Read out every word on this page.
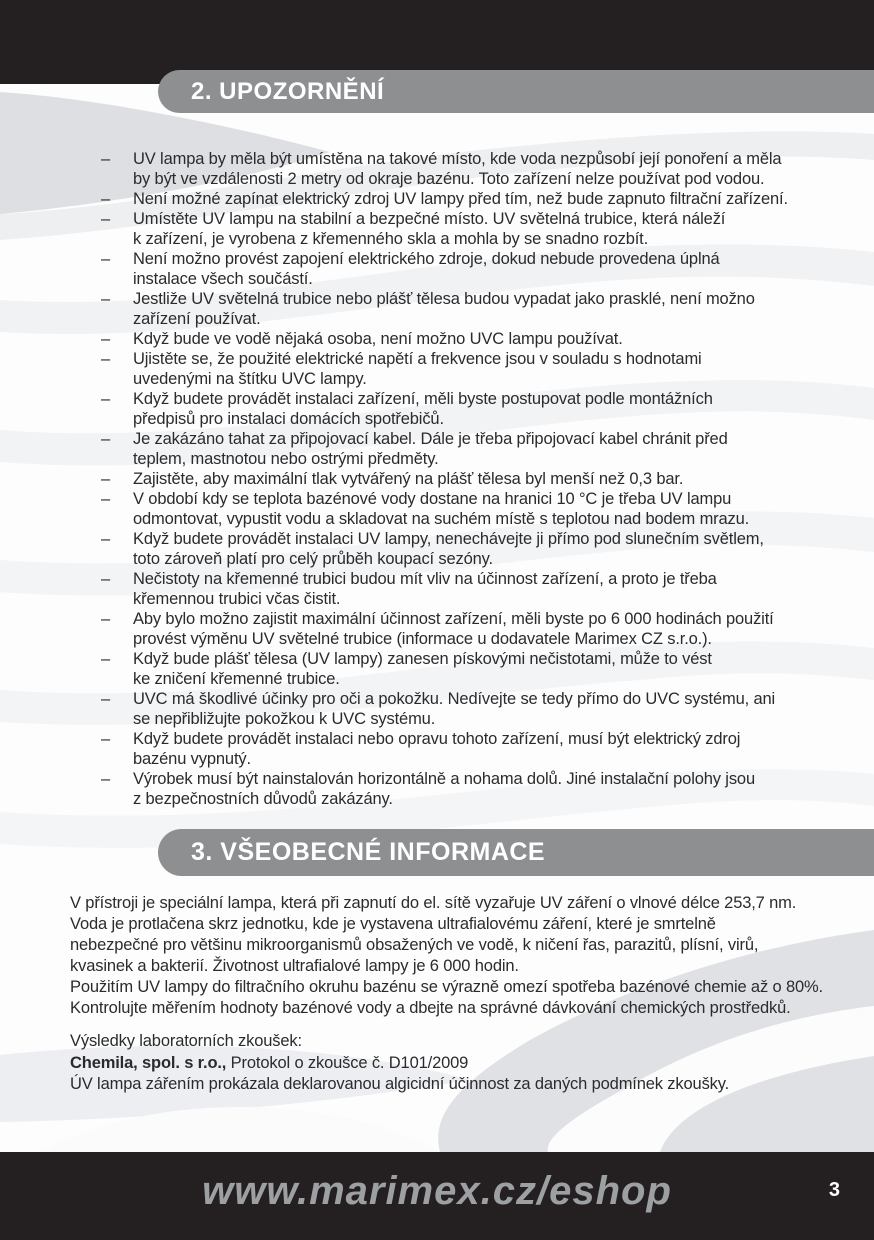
2. UPOZORNĚNÍ
–	UV lampa by měla být umístěna na takové místo, kde voda nezpůsobí její ponoření a měla
by být ve vzdálenosti 2 metry od okraje bazénu. Toto zařízení nelze používat pod vodou.
–	Není možné zapínat elektrický zdroj UV lampy před tím, než bude zapnuto filtrační zařízení.
–	Umístěte UV lampu na stabilní a bezpečné místo. UV světelná trubice, která náleží
k zařízení, je vyrobena z křemenného skla a mohla by se snadno rozbít.
–	Není možno provést zapojení elektrického zdroje, dokud nebude provedena úplná
instalace všech součástí.
–	Jestliže UV světelná trubice nebo plášť tělesa budou vypadat jako prasklé, není možno
zařízení používat.
–	Když bude ve vodě nějaká osoba, není možno UVC lampu používat.
–	Ujistěte se, že použité elektrické napětí a frekvence jsou v souladu s hodnotami
uvedenými na štítku UVC lampy.
–	Když budete provádět instalaci zařízení, měli byste postupovat podle montážních
předpisů pro instalaci domácích spotřebičů.
–	Je zakázáno tahat za připojovací kabel. Dále je třeba připojovací kabel chránit před
teplem, mastnotou nebo ostrými předměty.
–	Zajistěte, aby maximální tlak vytvářený na plášť tělesa byl menší než 0,3 bar.
–	V období kdy se teplota bazénové vody dostane na hranici 10 °C je třeba UV lampu
odmontovat, vypustit vodu a skladovat na suchém místě s teplotou nad bodem mrazu.
–	Když budete provádět instalaci UV lampy, nenechávejte ji přímo pod slunečním světlem,
toto zároveň platí pro celý průběh koupací sezóny.
–	Nečistoty na křemenné trubici budou mít vliv na účinnost zařízení, a proto je třeba
křemennou trubici včas čistit.
–	Aby bylo možno zajistit maximální účinnost zařízení, měli byste po 6 000 hodinách použití
provést výměnu UV světelné trubice (informace u dodavatele Marimex CZ s.r.o.).
–	Když bude plášť tělesa (UV lampy) zanesen pískovými nečistotami, může to vést
ke zničení křemenné trubice.
–	UVC má škodlivé účinky pro oči a pokožku. Nedívejte se tedy přímo do UVC systému, ani
se nepřibližujte pokožkou k UVC systému.
–	Když budete provádět instalaci nebo opravu tohoto zařízení, musí být elektrický zdroj
bazénu vypnutý.
–	Výrobek musí být nainstalován horizontálně a nohama dolů. Jiné instalační polohy jsou
z bezpečnostních důvodů zakázány.
3. VŠEOBECNÉ INFORMACE
V přístroji je speciální lampa, která při zapnutí do el. sítě vyzařuje UV záření o vlnové délce 253,7 nm.
Voda je protlačena skrz jednotku, kde je vystavena ultrafialovému záření, které je smrtelně
nebezpečné pro většinu mikroorganismů obsažených ve vodě, k ničení řas, parazitů, plísní, virů,
kvasinek a bakterií. Životnost ultrafialové lampy je 6 000 hodin.
Použitím UV lampy do filtračního okruhu bazénu se výrazně omezí spotřeba bazénové chemie až o 80%.
Kontrolujte měřením hodnoty bazénové vody a dbejte na správné dávkování chemických prostředků.
Výsledky laboratorních zkoušek:
Chemila, spol. s r.o., Protokol o zkoušce č. D101/2009
ÚV lampa zářením prokázala deklarovanou algicidní účinnost za daných podmínek zkoušky.
www.marimex.cz/eshop	3
